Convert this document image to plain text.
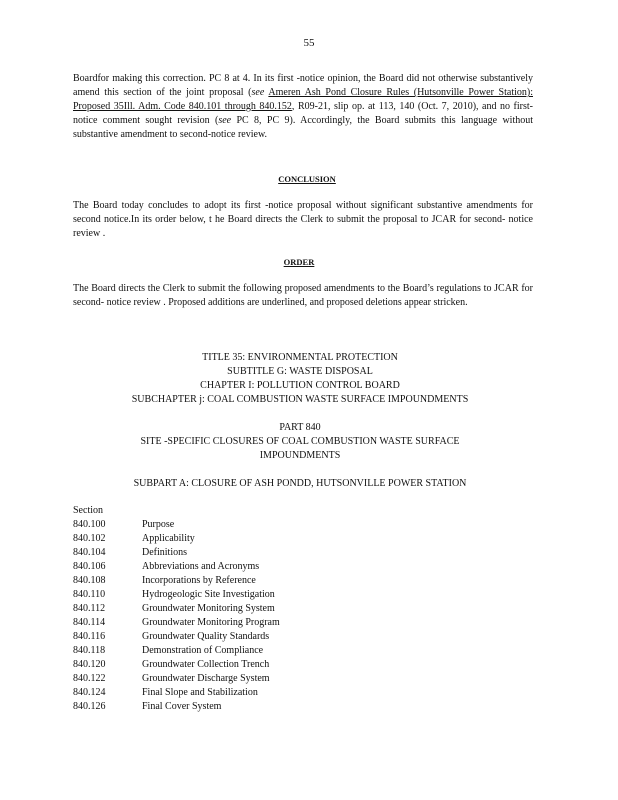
55
Boardfor making this correction. PC 8 at 4. In its first -notice opinion, the Board did not otherwise substantively amend this section of the joint proposal (see Ameren Ash Pond Closure Rules (Hutsonville Power Station): Proposed 35Ill. Adm. Code 840.101 through 840.152, R09-21, slip op. at 113, 140 (Oct. 7, 2010), and no first-notice comment sought revision (see PC 8, PC 9). Accordingly, the Board submits this language without substantive amendment to second-notice review.
CONCLUSION
The Board today concludes to adopt its first -notice proposal without significant substantive amendments for second notice.In its order below, t he Board directs the Clerk to submit the proposal to JCAR for second- notice review .
ORDER
The Board directs the Clerk to submit the following proposed amendments to the Board’s regulations to JCAR for second- notice review . Proposed additions are underlined, and proposed deletions appear stricken.
TITLE 35: ENVIRONMENTAL PROTECTION
SUBTITLE G: WASTE DISPOSAL
CHAPTER I: POLLUTION CONTROL BOARD
SUBCHAPTER j: COAL COMBUSTION WASTE SURFACE IMPOUNDMENTS
PART 840
SITE -SPECIFIC CLOSURES OF COAL COMBUSTION WASTE SURFACE
IMPOUNDMENTS
SUBPART A: CLOSURE OF ASH PONDD, HUTSONVILLE POWER STATION
Section
840.100	Purpose
840.102	Applicability
840.104	Definitions
840.106	Abbreviations and Acronyms
840.108	Incorporations by Reference
840.110	Hydrogeologic Site Investigation
840.112	Groundwater Monitoring System
840.114	Groundwater Monitoring Program
840.116	Groundwater Quality Standards
840.118	Demonstration of Compliance
840.120	Groundwater Collection Trench
840.122	Groundwater Discharge System
840.124	Final Slope and Stabilization
840.126	Final Cover System
